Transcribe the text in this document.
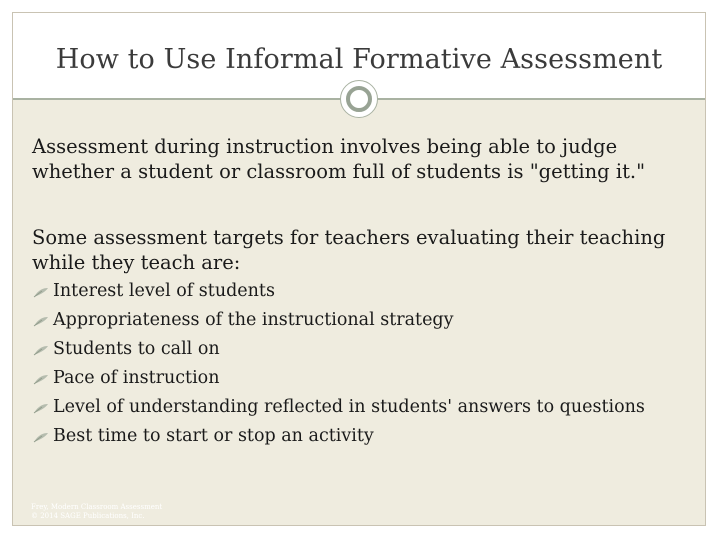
How to Use Informal Formative Assessment
Assessment during instruction involves being able to judge whether a student or classroom full of students is "getting it."
Some assessment targets for teachers evaluating their teaching while they teach are:
Interest level of students
Appropriateness of the instructional strategy
Students to call on
Pace of instruction
Level of understanding reflected in students' answers to questions
Best time to start or stop an activity
Frey, Modern Classroom Assessment
© 2014 SAGE Publications, Inc.
